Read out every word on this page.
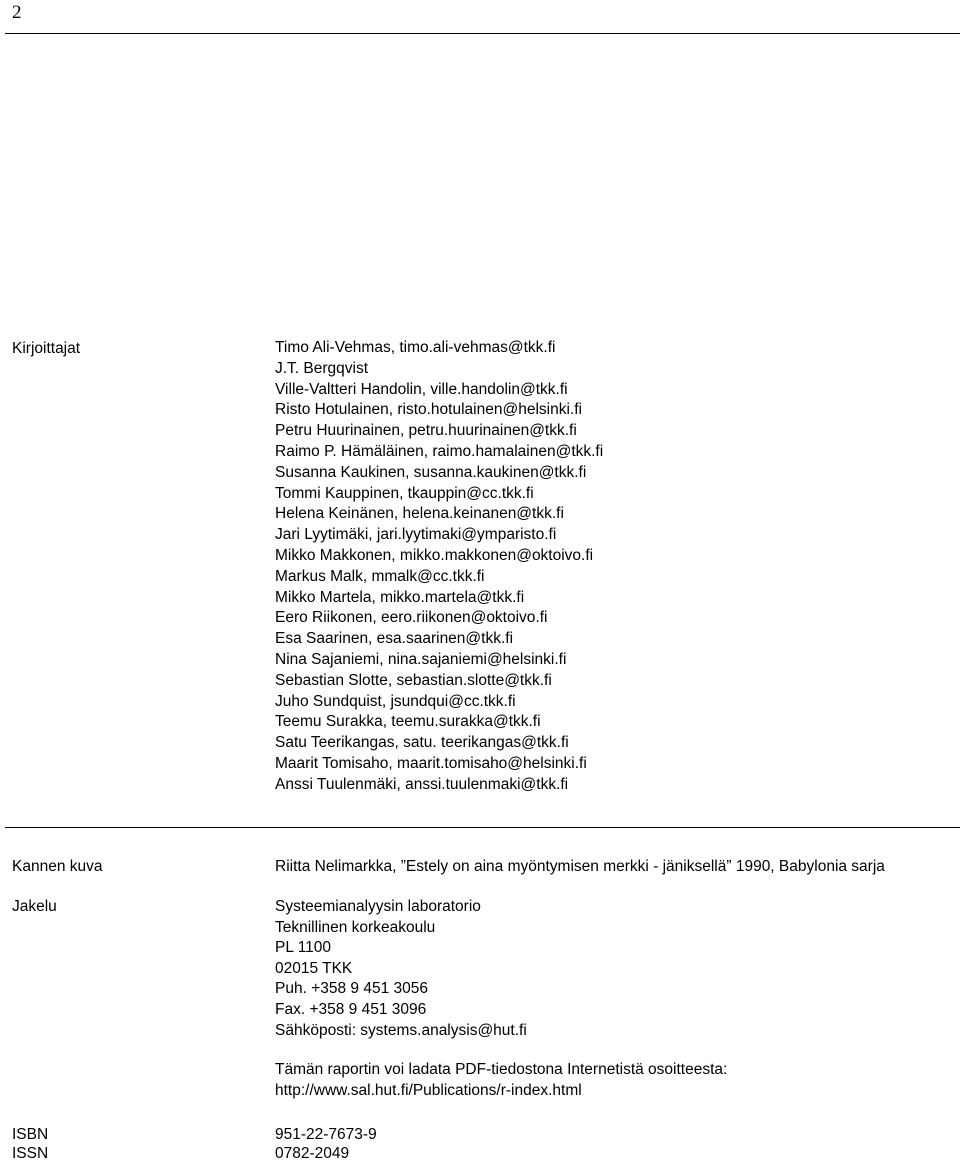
2
Kirjoittajat	Timo Ali-Vehmas, timo.ali-vehmas@tkk.fi
J.T. Bergqvist
Ville-Valtteri Handolin, ville.handolin@tkk.fi
Risto Hotulainen, risto.hotulainen@helsinki.fi
Petru Huurinainen, petru.huurinainen@tkk.fi
Raimo P. Hämäläinen, raimo.hamalainen@tkk.fi
Susanna Kaukinen, susanna.kaukinen@tkk.fi
Tommi Kauppinen, tkauppin@cc.tkk.fi
Helena Keinänen, helena.keinanen@tkk.fi
Jari Lyytimäki, jari.lyytimaki@ymparisto.fi
Mikko Makkonen, mikko.makkonen@oktoivo.fi
Markus Malk, mmalk@cc.tkk.fi
Mikko Martela, mikko.martela@tkk.fi
Eero Riikonen, eero.riikonen@oktoivo.fi
Esa Saarinen, esa.saarinen@tkk.fi
Nina Sajaniemi, nina.sajaniemi@helsinki.fi
Sebastian Slotte, sebastian.slotte@tkk.fi
Juho Sundquist, jsundqui@cc.tkk.fi
Teemu Surakka, teemu.surakka@tkk.fi
Satu Teerikangas, satu. teerikangas@tkk.fi
Maarit Tomisaho, maarit.tomisaho@helsinki.fi
Anssi Tuulenmäki, anssi.tuulenmaki@tkk.fi
Kannen kuva	Riitta Nelimarkka, ”Estely on aina myöntymisen merkki - jäniksellä” 1990, Babylonia sarja
Jakelu	Systeemianalyysin laboratorio
Teknillinen korkeakoulu
PL 1100
02015 TKK
Puh. +358 9 451 3056
Fax. +358 9 451 3096
Sähköposti: systems.analysis@hut.fi
Tämän raportin voi ladata PDF-tiedostona Internetistä osoitteesta:
http://www.sal.hut.fi/Publications/r-index.html
ISBN	951-22-7673-9
ISSN	0782-2049
